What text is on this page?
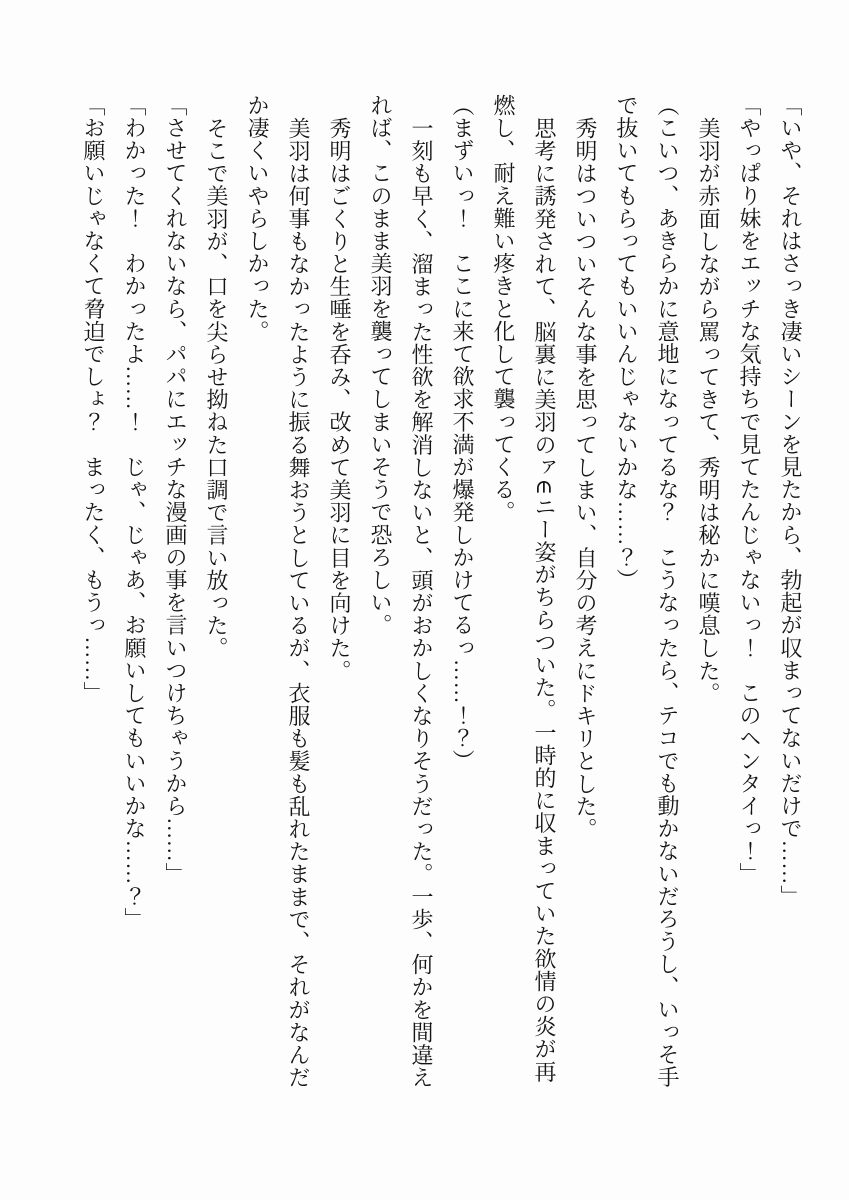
「いや、それはさっき凄いシーンを見たから、勃起が収まってないだけで……」

「やっぱり妹をエッチな気持ちで見てたんじゃないっ！　このヘンタイっ！」

美羽が赤面しながら罵ってきて、秀明は秘かに嘆息した。

（こいつ、あきらかに意地になってるな？　こうなったら、テコでも動かないだろうし、いっそ手で抜いてもらってもいいんじゃないかな……？）

秀明はついついそんな事を思ってしまい、自分の考えにドキリとした。

思考に誘発されて、脳裏に美羽のァ∈ニー姿がちらついた。一時的に収まっていた欲情の炎が再燃し、耐え難い疼きと化して襲ってくる。

（まずいっ！　ここに来て欲求不満が爆発しかけてるっ……！？）

一刻も早く、溜まった性欲を解消しないと、頭がおかしくなりそうだった。一歩、何かを間違えれば、このまま美羽を襲ってしまいそうで恐ろしい。

秀明はごくりと生唾を呑み、改めて美羽に目を向けた。

美羽は何事もなかったように振る舞おうとしているが、衣服も髪も乱れたままで、それがなんだか凄くいやらしかった。

そこで美羽が、口を尖らせ拗ねた口調で言い放った。

「させてくれないなら、パパにエッチな漫画の事を言いつけちゃうから……」

「わかった！　わかったよ……！　じゃ、じゃあ、お願いしてもいいかな……？」

「お願いじゃなくて脅迫でしょ？　まったく、もうっ……」
